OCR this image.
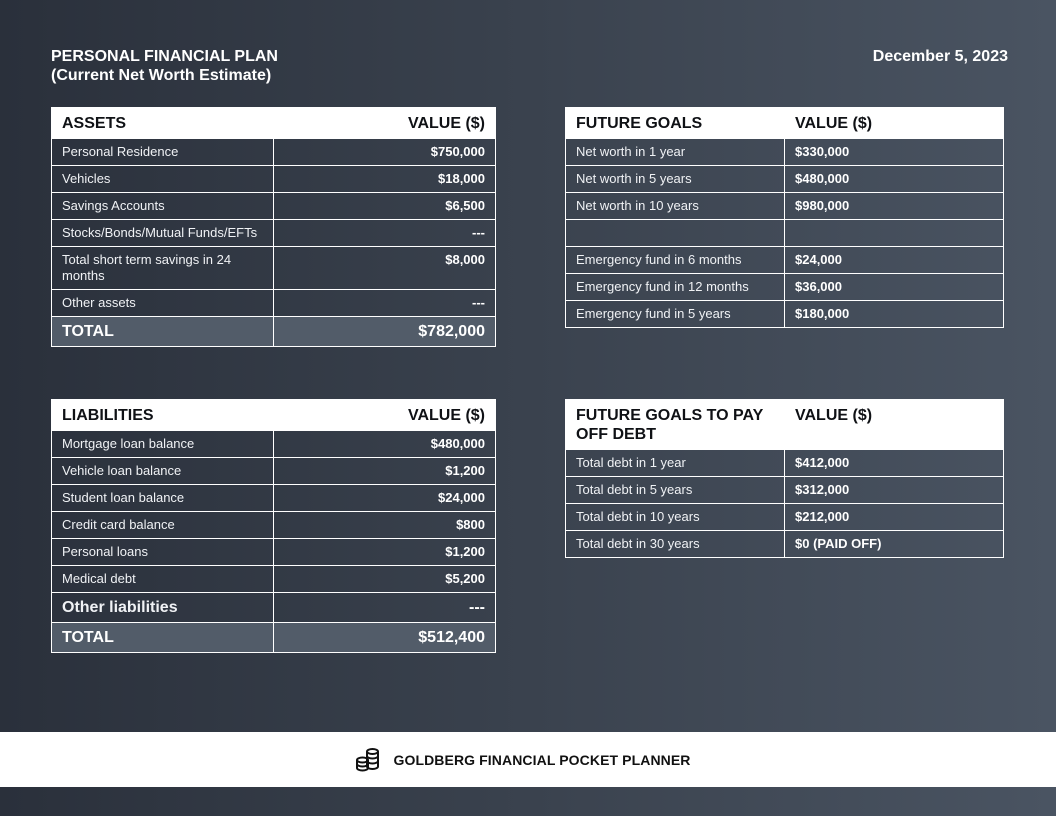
PERSONAL FINANCIAL PLAN
(Current Net Worth Estimate)
December 5, 2023
ASSETS	VALUE ($)
Personal Residence	$750,000
Vehicles	$18,000
Savings Accounts	$6,500
Stocks/Bonds/Mutual Funds/EFTs	---
Total short term savings in 24 months	$8,000
Other assets	---
TOTAL	$782,000
FUTURE GOALS	VALUE ($)
Net worth in 1 year	$330,000
Net worth in 5 years	$480,000
Net worth in 10 years	$980,000

Emergency fund in 6 months	$24,000
Emergency fund in 12 months	$36,000
Emergency fund in 5 years	$180,000
LIABILITIES	VALUE ($)
Mortgage loan balance	$480,000
Vehicle loan balance	$1,200
Student loan balance	$24,000
Credit card balance	$800
Personal loans	$1,200
Medical debt	$5,200
Other liabilities	---
TOTAL	$512,400
FUTURE GOALS TO PAY OFF DEBT	VALUE ($)
Total debt in 1 year	$412,000
Total debt in 5 years	$312,000
Total debt in 10 years	$212,000
Total debt in 30 years	$0 (PAID OFF)
GOLDBERG FINANCIAL POCKET PLANNER
